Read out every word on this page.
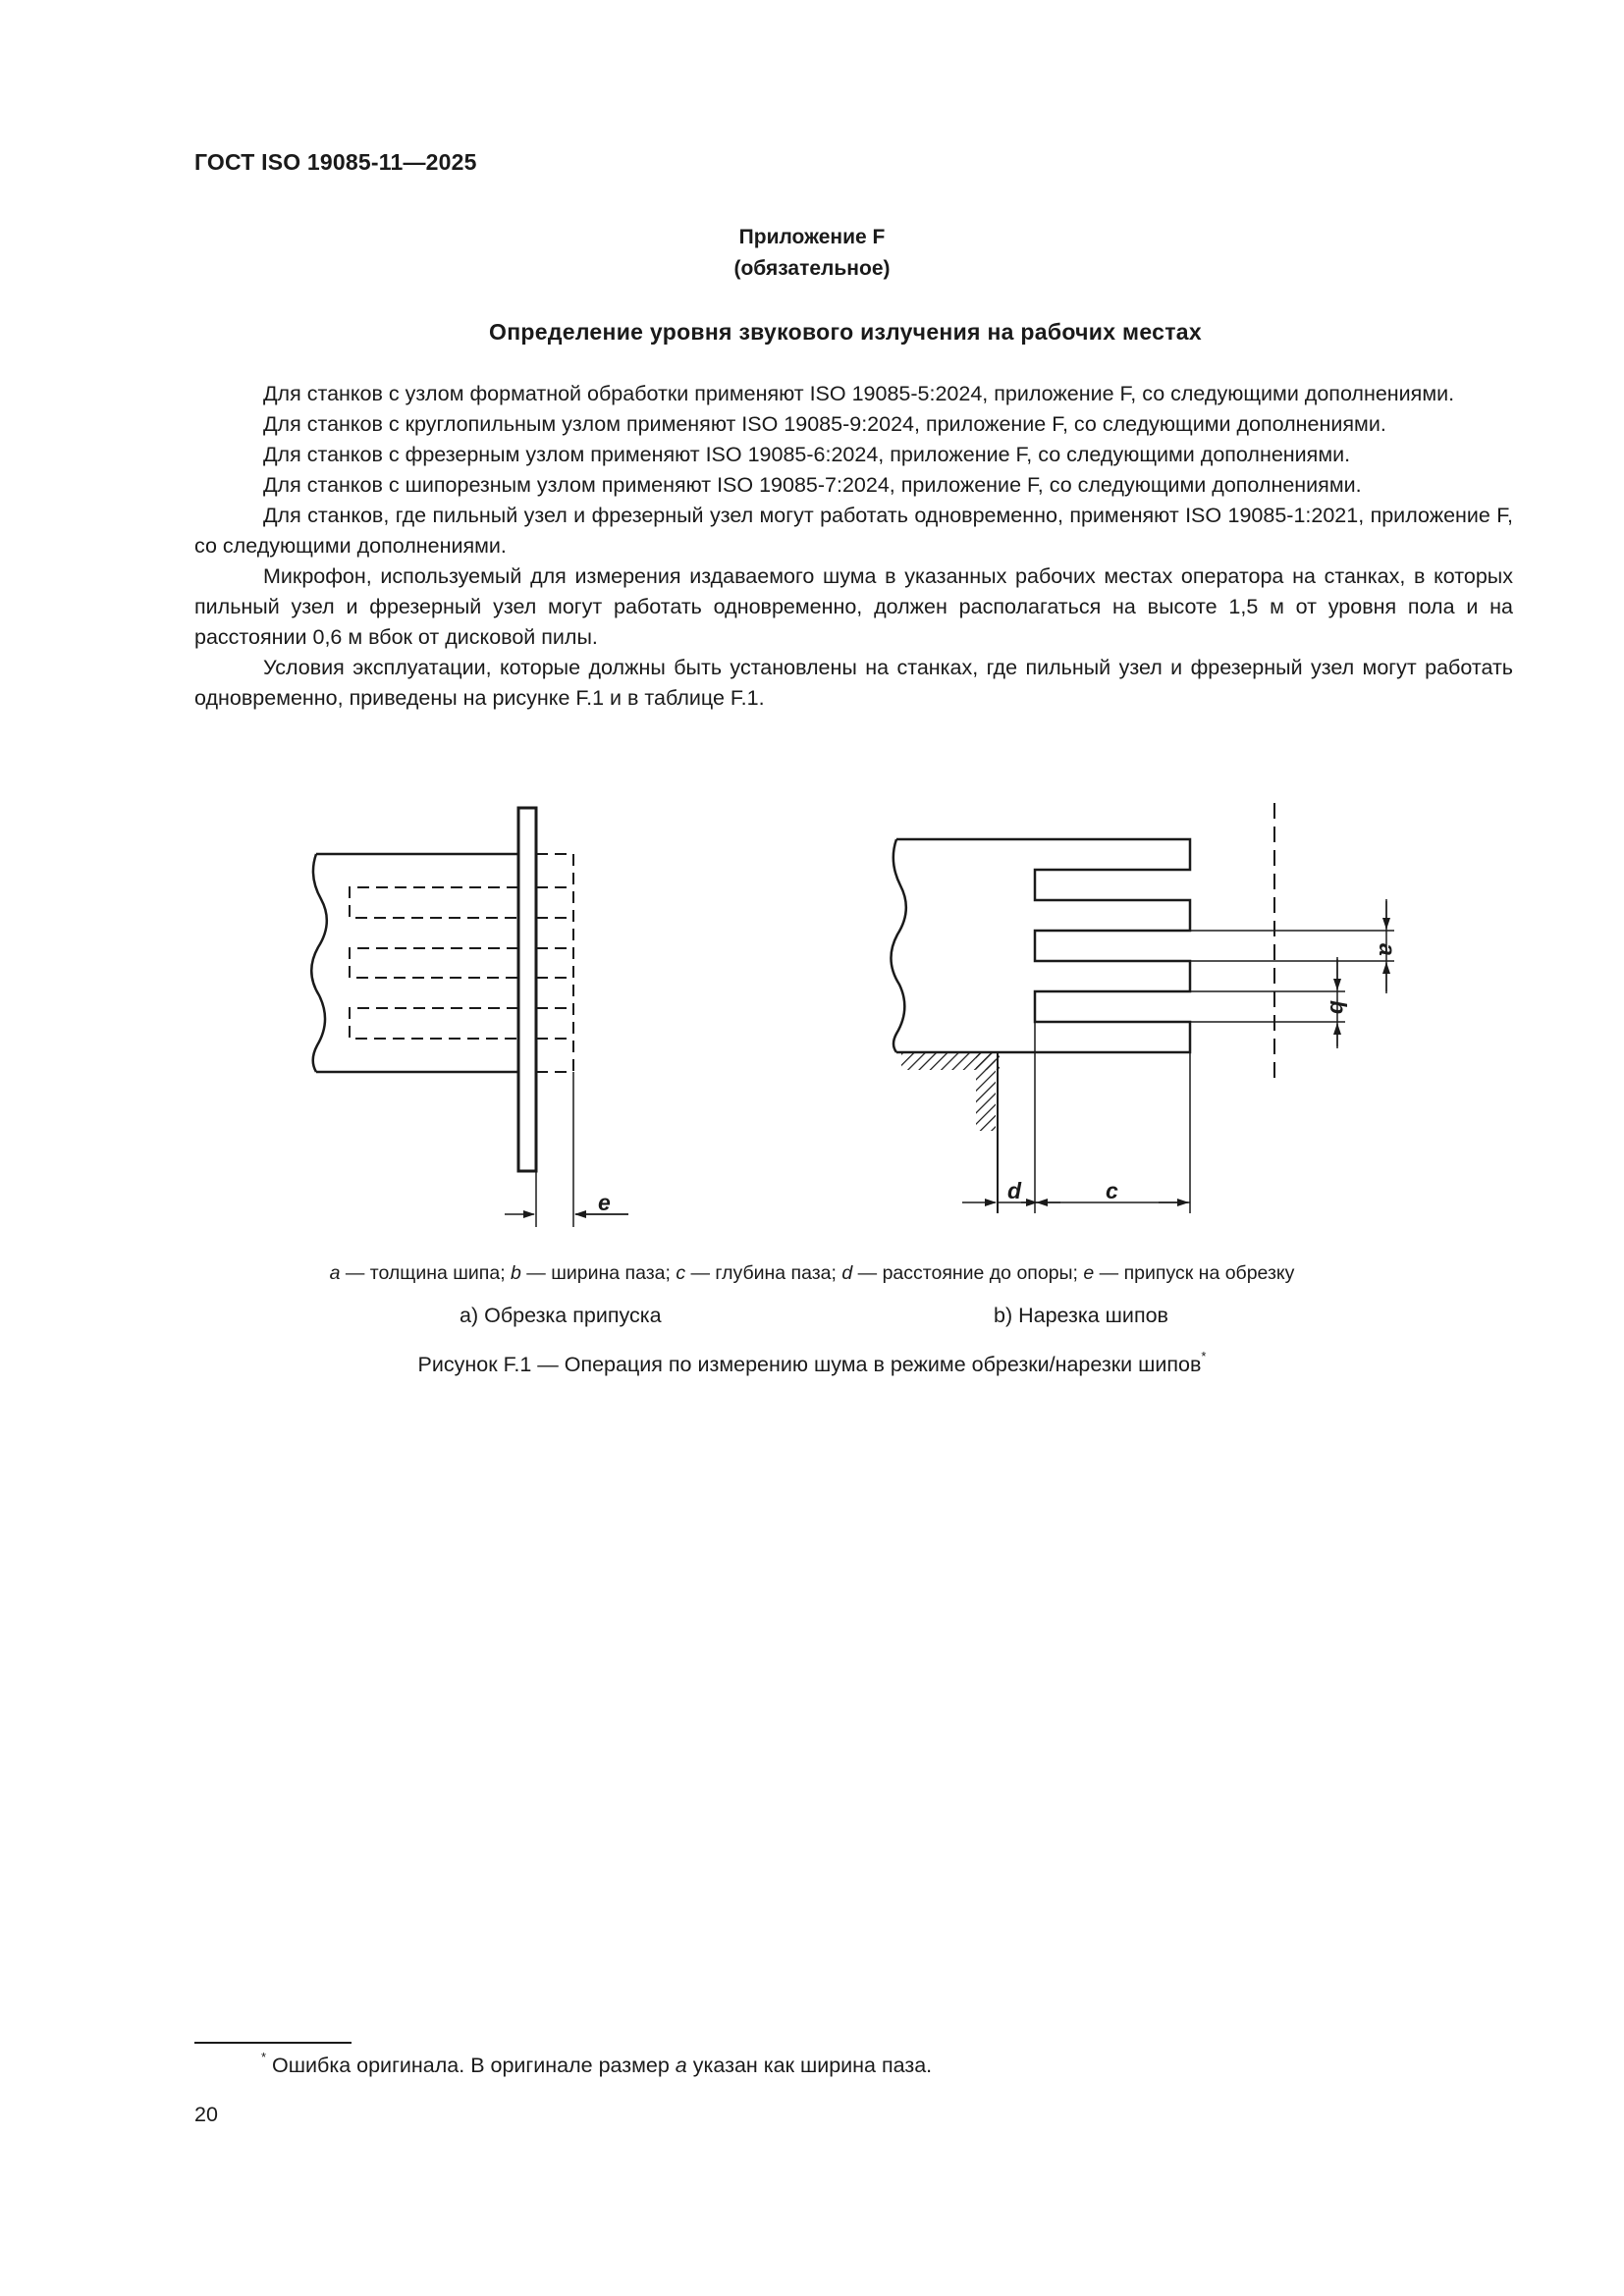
ГОСТ ISO 19085-11—2025
Приложение F
(обязательное)
Определение уровня звукового излучения на рабочих местах

Для станков с узлом форматной обработки применяют ISO 19085-5:2024, приложение F, со следующими дополнениями.

Для станков с круглопильным узлом применяют ISO 19085-9:2024, приложение F, со следующими дополнениями.

Для станков с фрезерным узлом применяют ISO 19085-6:2024, приложение F, со следующими дополнениями.

Для станков с шипорезным узлом применяют ISO 19085-7:2024, приложение F, со следующими дополнениями.

Для станков, где пильный узел и фрезерный узел могут работать одновременно, применяют ISO 19085-1:2021, приложение F, со следующими дополнениями.

Микрофон, используемый для измерения издаваемого шума в указанных рабочих местах оператора на станках, в которых пильный узел и фрезерный узел могут работать одновременно, должен располагаться на высоте 1,5 м от уровня пола и на расстоянии 0,6 м вбок от дисковой пилы.

Условия эксплуатации, которые должны быть установлены на станках, где пильный узел и фрезерный узел могут работать одновременно, приведены на рисунке F.1 и в таблице F.1.

e
a
b
d	c
a — толщина шипа; b — ширина паза; c — глубина паза; d — расстояние до опоры; e — припуск на обрезку
a) Обрезка припуска	b) Нарезка шипов
Рисунок F.1 — Операция по измерению шума в режиме обрезки/нарезки шипов*
* Ошибка оригинала. В оригинале размер a указан как ширина паза.
20
